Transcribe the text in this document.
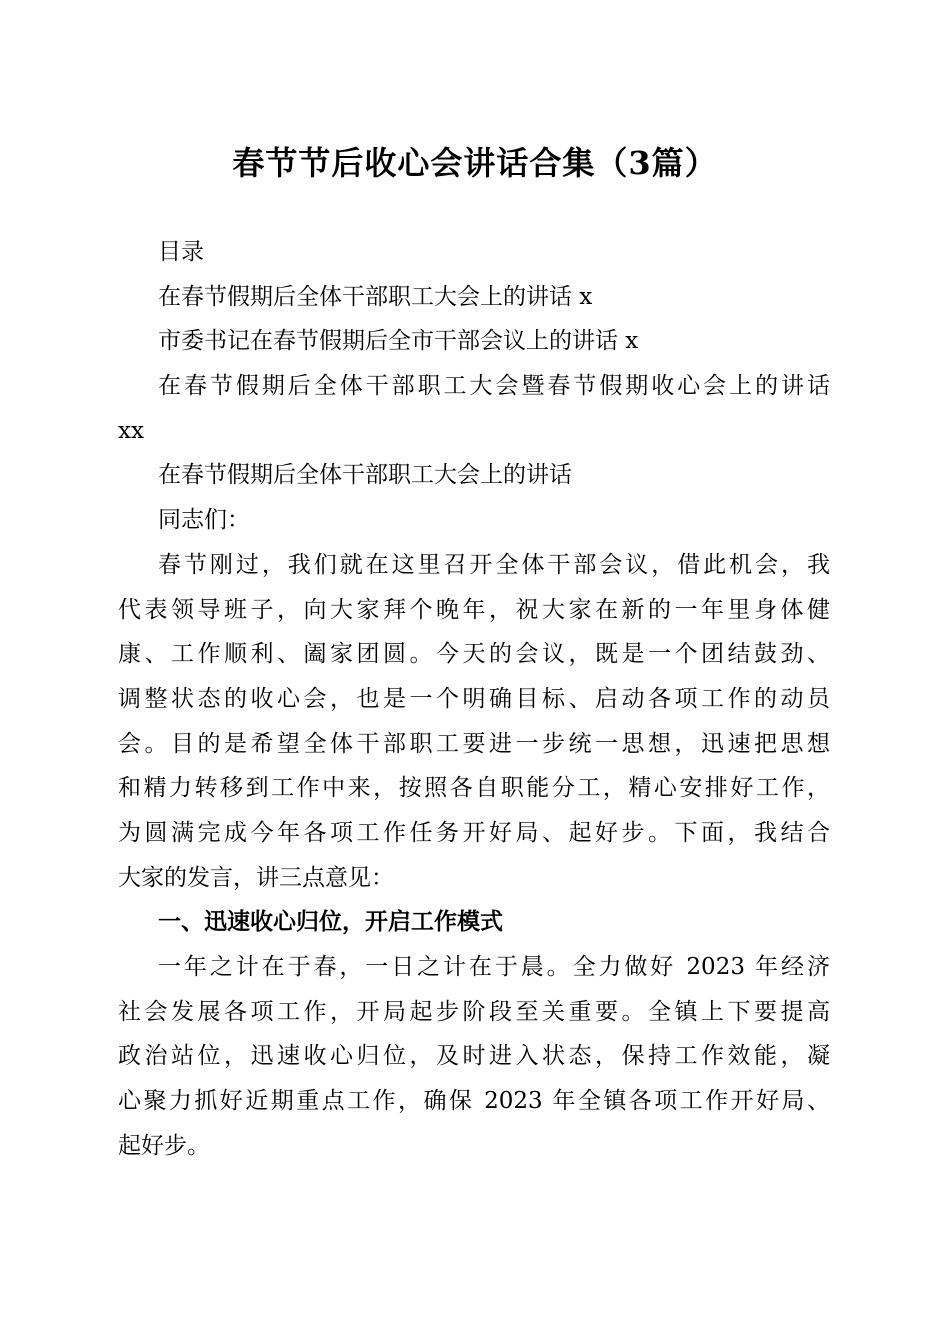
春节节后收心会讲话合集（3篇）
目录
在春节假期后全体干部职工大会上的讲话 x
市委书记在春节假期后全市干部会议上的讲话 x
在春节假期后全体干部职工大会暨春节假期收心会上的讲话
xx
在春节假期后全体干部职工大会上的讲话
同志们：
春节刚过，我们就在这里召开全体干部会议，借此机会，我
代表领导班子，向大家拜个晚年，祝大家在新的一年里身体健
康、工作顺利、阖家团圆。今天的会议，既是一个团结鼓劲、
调整状态的收心会，也是一个明确目标、启动各项工作的动员
会。目的是希望全体干部职工要进一步统一思想，迅速把思想
和精力转移到工作中来，按照各自职能分工，精心安排好工作，
为圆满完成今年各项工作任务开好局、起好步。下面，我结合
大家的发言，讲三点意见：
一、迅速收心归位，开启工作模式
一年之计在于春，一日之计在于晨。全力做好 2023 年经济
社会发展各项工作，开局起步阶段至关重要。全镇上下要提高
政治站位，迅速收心归位，及时进入状态，保持工作效能，凝
心聚力抓好近期重点工作，确保 2023 年全镇各项工作开好局、
起好步。
